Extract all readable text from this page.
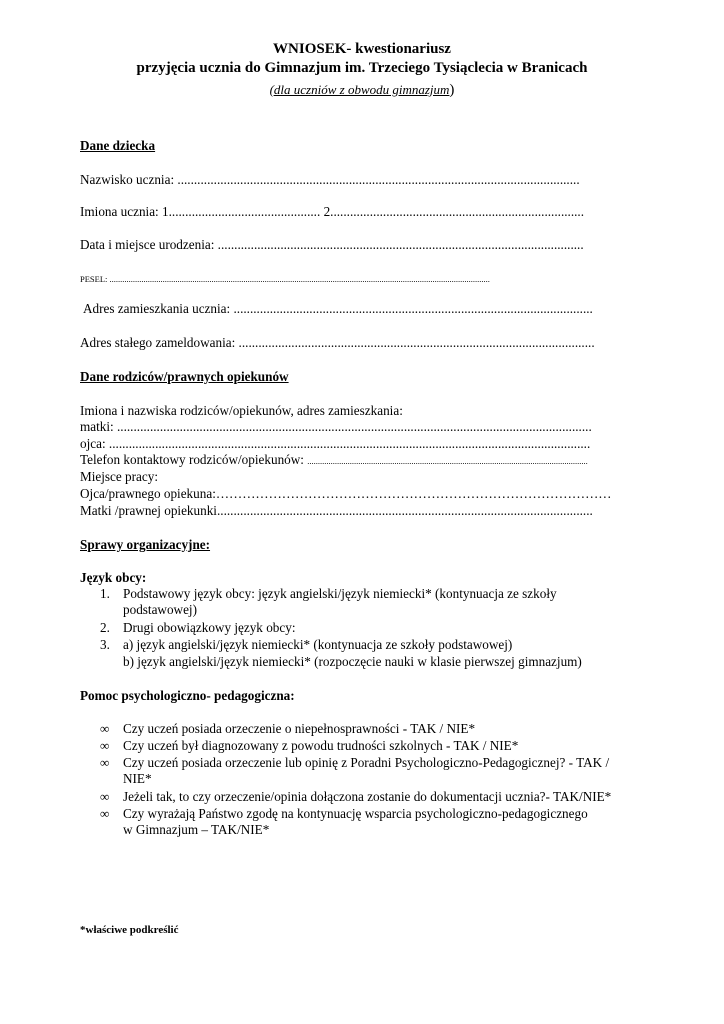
WNIOSEK- kwestionariusz
przyjęcia ucznia do Gimnazjum im. Trzeciego Tysiąclecia w Branicach
(dla uczniów z obwodu gimnazjum)
Dane dziecka
Nazwisko ucznia: ..........................................................................................................................
Imiona ucznia: 1.............................................. 2.............................................................................
Data i miejsce urodzenia: ...............................................................................................................
PESEL: ...................................................................................................................................................................................
Adres zamieszkania ucznia: .............................................................................................................
Adres stałego zameldowania: ............................................................................................................
Dane rodziców/prawnych opiekunów
Imiona i nazwiska rodziców/opiekunów, adres zamieszkania:
matki: ................................................................................................................................................
ojca: ..................................................................................................................................................
Telefon kontaktowy rodziców/opiekunów: ....................................................................................................................................
Miejsce pracy:
Ojca/prawnego opiekuna:………………………………………………………………………………
Matki /prawnej opiekunki..................................................................................................................
Sprawy organizacyjne:
Język obcy:
1. Podstawowy język obcy: język angielski/język niemiecki* (kontynuacja ze szkoły
podstawowej)
2. Drugi obowiązkowy język obcy:
3. a) język angielski/język niemiecki* (kontynuacja ze szkoły podstawowej)
b) język angielski/język niemiecki* (rozpoczęcie nauki w klasie pierwszej gimnazjum)
Pomoc psychologiczno- pedagogiczna:
∞ Czy uczeń posiada orzeczenie o niepełnosprawności - TAK / NIE*
∞ Czy uczeń był diagnozowany z powodu trudności szkolnych - TAK / NIE*
∞ Czy uczeń posiada orzeczenie lub opinię z Poradni Psychologiczno-Pedagogicznej? - TAK /
NIE*
∞ Jeżeli tak, to czy orzeczenie/opinia dołączona zostanie do dokumentacji ucznia?- TAK/NIE*
∞ Czy wyrażają Państwo zgodę na kontynuację wsparcia psychologiczno-pedagogicznego
w Gimnazjum – TAK/NIE*
*właściwe podkreślić
